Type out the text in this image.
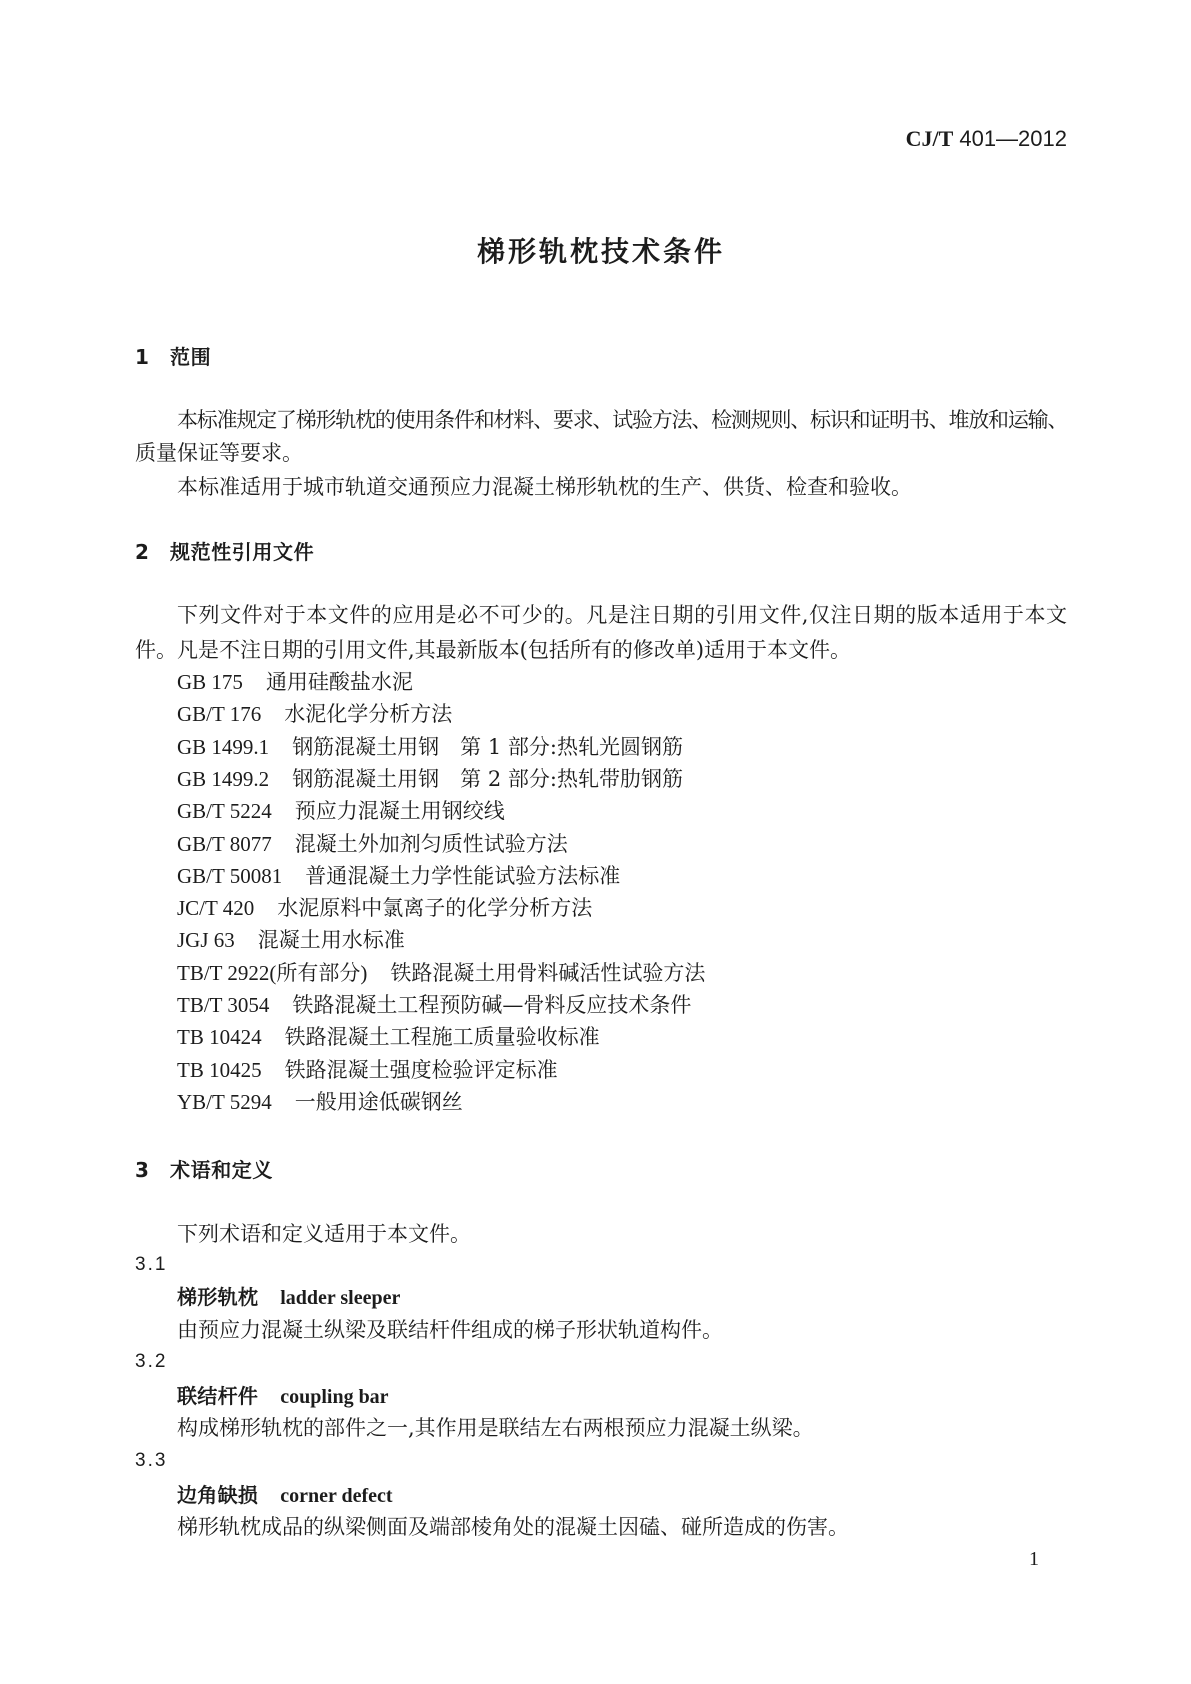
CJ/T 401—2012
梯形轨枕技术条件
1 范围
本标准规定了梯形轨枕的使用条件和材料、要求、试验方法、检测规则、标识和证明书、堆放和运输、
质量保证等要求。
本标准适用于城市轨道交通预应力混凝土梯形轨枕的生产、供货、检查和验收。
2 规范性引用文件
下列文件对于本文件的应用是必不可少的。凡是注日期的引用文件,仅注日期的版本适用于本文
件。凡是不注日期的引用文件,其最新版本(包括所有的修改单)适用于本文件。
GB 175 通用硅酸盐水泥
GB/T 176 水泥化学分析方法
GB 1499.1 钢筋混凝土用钢　第 1 部分:热轧光圆钢筋
GB 1499.2 钢筋混凝土用钢　第 2 部分:热轧带肋钢筋
GB/T 5224 预应力混凝土用钢绞线
GB/T 8077 混凝土外加剂匀质性试验方法
GB/T 50081 普通混凝土力学性能试验方法标准
JC/T 420 水泥原料中氯离子的化学分析方法
JGJ 63 混凝土用水标准
TB/T 2922(所有部分) 铁路混凝土用骨料碱活性试验方法
TB/T 3054 铁路混凝土工程预防碱—骨料反应技术条件
TB 10424 铁路混凝土工程施工质量验收标准
TB 10425 铁路混凝土强度检验评定标准
YB/T 5294 一般用途低碳钢丝
3 术语和定义
下列术语和定义适用于本文件。
3.1
梯形轨枕 ladder sleeper
由预应力混凝土纵梁及联结杆件组成的梯子形状轨道构件。
3.2
联结杆件 coupling bar
构成梯形轨枕的部件之一,其作用是联结左右两根预应力混凝土纵梁。
3.3
边角缺损 corner defect
梯形轨枕成品的纵梁侧面及端部棱角处的混凝土因磕、碰所造成的伤害。
1
